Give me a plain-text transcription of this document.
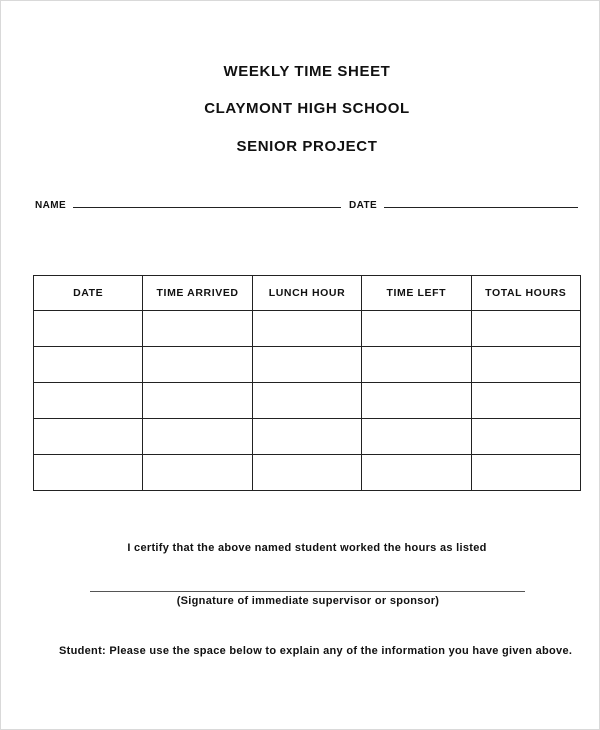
WEEKLY TIME SHEET
CLAYMONT HIGH SCHOOL
SENIOR PROJECT
NAME	DATE
DATE	TIME ARRIVED	LUNCH HOUR	TIME LEFT	TOTAL HOURS

I certify that the above named student worked the hours as listed
(Signature of immediate supervisor or sponsor)
Student: Please use the space below to explain any of the information you have given above.
